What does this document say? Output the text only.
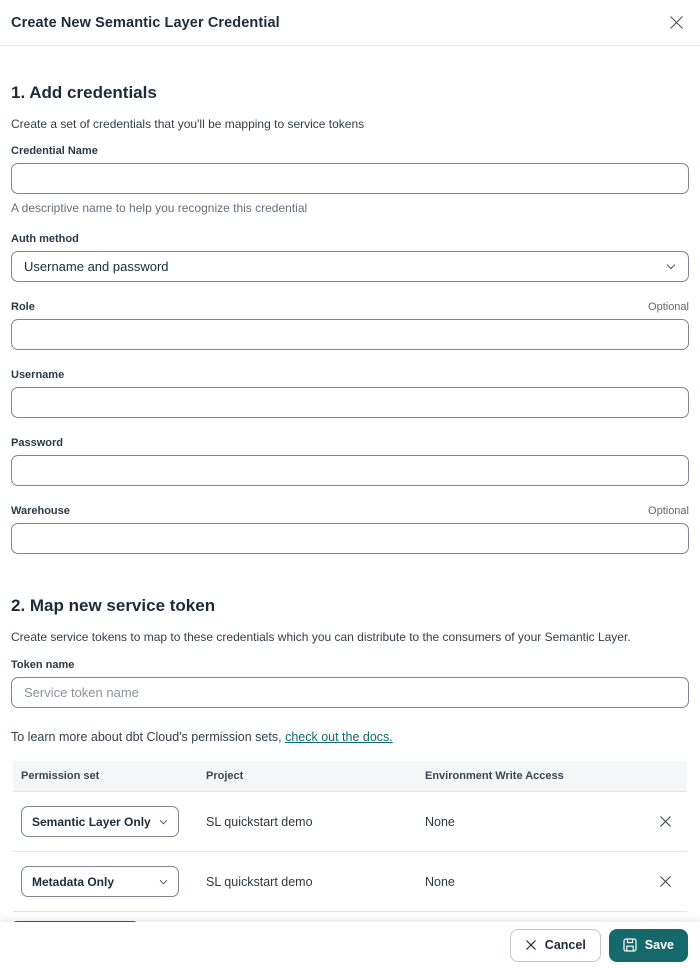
Create New Semantic Layer Credential
1. Add credentials
Create a set of credentials that you'll be mapping to service tokens
Credential Name
A descriptive name to help you recognize this credential
Auth method
Username and password
Role	Optional
Username
Password
Warehouse	Optional
2. Map new service token
Create service tokens to map to these credentials which you can distribute to the consumers of your Semantic Layer.
Token name
Service token name
To learn more about dbt Cloud's permission sets, check out the docs.
Permission set	Project	Environment Write Access
Semantic Layer Only	SL quickstart demo	None
Metadata Only	SL quickstart demo	None
Cancel	Save
